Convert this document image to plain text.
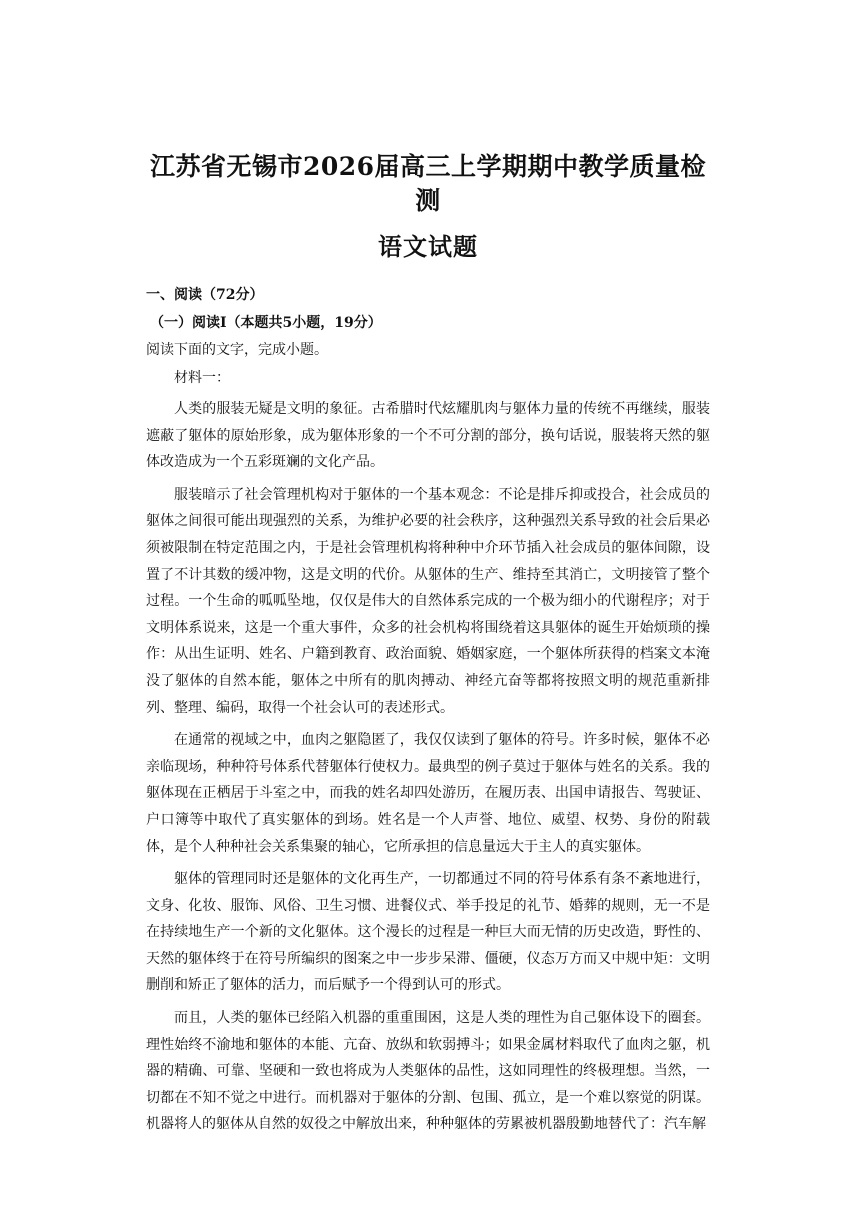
江苏省无锡市2026届高三上学期期中教学质量检测
语文试题
一、阅读（72分）
（一）阅读Ⅰ（本题共5小题，19分）
阅读下面的文字，完成小题。
材料一：

人类的服装无疑是文明的象征。古希腊时代炫耀肌肉与躯体力量的传统不再继续，服装遮蔽了躯体的原始形象，成为躯体形象的一个不可分割的部分，换句话说，服装将天然的躯体改造成为一个五彩斑斓的文化产品。

服装暗示了社会管理机构对于躯体的一个基本观念：不论是排斥抑或投合，社会成员的躯体之间很可能出现强烈的关系，为维护必要的社会秩序，这种强烈关系导致的社会后果必须被限制在特定范围之内，于是社会管理机构将种种中介环节插入社会成员的躯体间隙，设置了不计其数的缓冲物，这是文明的代价。从躯体的生产、维持至其消亡，文明接管了整个过程。一个生命的呱呱坠地，仅仅是伟大的自然体系完成的一个极为细小的代谢程序；对于文明体系说来，这是一个重大事件，众多的社会机构将围绕着这具躯体的诞生开始烦琐的操作：从出生证明、姓名、户籍到教育、政治面貌、婚姻家庭，一个躯体所获得的档案文本淹没了躯体的自然本能，躯体之中所有的肌肉搏动、神经亢奋等都将按照文明的规范重新排列、整理、编码，取得一个社会认可的表述形式。

在通常的视域之中，血肉之躯隐匿了，我仅仅读到了躯体的符号。许多时候，躯体不必亲临现场，种种符号体系代替躯体行使权力。最典型的例子莫过于躯体与姓名的关系。我的躯体现在正栖居于斗室之中，而我的姓名却四处游历，在履历表、出国申请报告、驾驶证、户口簿等中取代了真实躯体的到场。姓名是一个人声誉、地位、威望、权势、身份的附载体，是个人种种社会关系集聚的轴心，它所承担的信息量远大于主人的真实躯体。

躯体的管理同时还是躯体的文化再生产，一切都通过不同的符号体系有条不紊地进行，文身、化妆、服饰、风俗、卫生习惯、进餐仪式、举手投足的礼节、婚葬的规则，无一不是在持续地生产一个新的文化躯体。这个漫长的过程是一种巨大而无情的历史改造，野性的、天然的躯体终于在符号所编织的图案之中一步步呆滞、僵硬，仪态万方而又中规中矩：文明删削和矫正了躯体的活力，而后赋予一个得到认可的形式。

而且，人类的躯体已经陷入机器的重重围困，这是人类的理性为自己躯体设下的圈套。理性始终不渝地和躯体的本能、亢奋、放纵和软弱搏斗；如果金属材料取代了血肉之躯，机器的精确、可靠、坚硬和一致也将成为人类躯体的品性，这如同理性的终极理想。当然，一切都在不知不觉之中进行。而机器对于躯体的分割、包围、孤立，是一个难以察觉的阴谋。机器将人的躯体从自然的奴役之中解放出来，种种躯体的劳累被机器殷勤地替代了：汽车解
